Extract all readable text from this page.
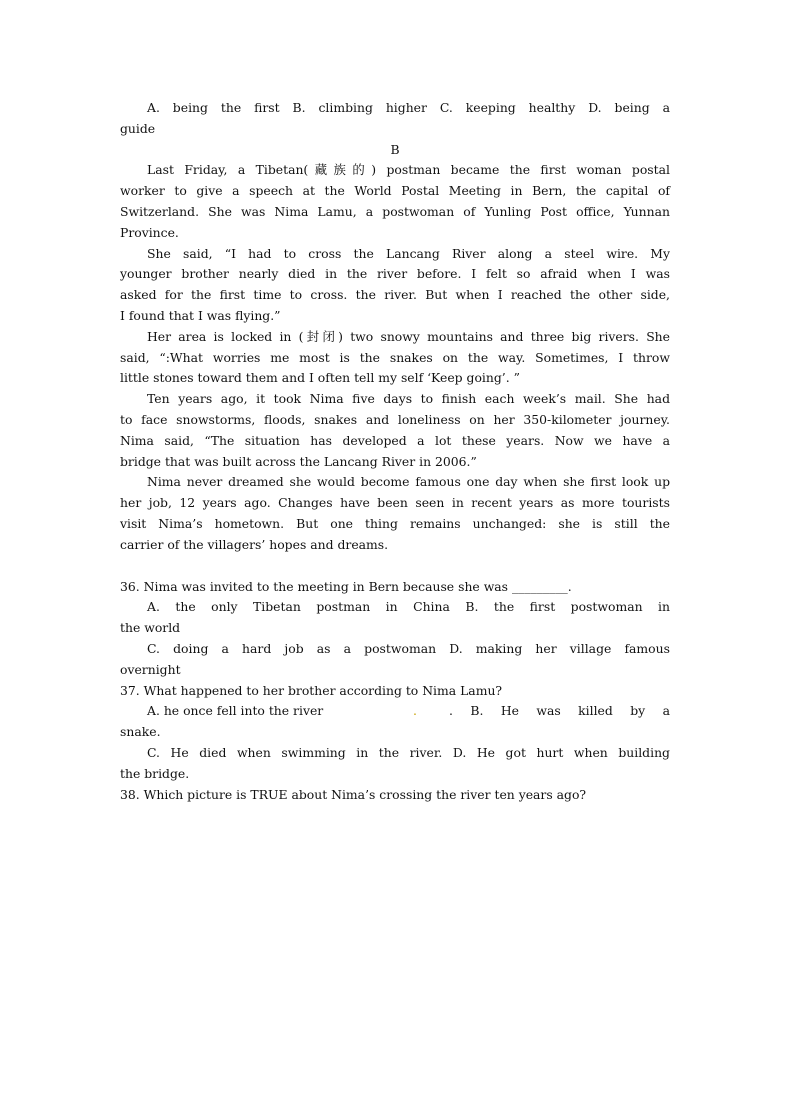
A. being the first B. climbing higher C. keeping healthy D. being a
guide
B
Last Friday, a Tibetan(藏族的) postman became the first woman postal
worker to give a speech at the World Postal Meeting in Bern, the capital of
Switzerland. She was Nima Lamu, a postwoman of Yunling Post office, Yunnan
Province.
She said, “I had to cross the Lancang River along a steel wire. My
younger brother nearly died in the river before. I felt so afraid when I was
asked for the first time to cross. the river. But when I reached the other side,
I found that I was flying.”
Her area is locked in (封闭) two snowy mountains and three big rivers. She
said, “:What worries me most is the snakes on the way. Sometimes, I throw
little stones toward them and I often tell my self ‘Keep going’. ”
Ten years ago, it took Nima five days to finish each week’s mail. She had
to face snowstorms, floods, snakes and loneliness on her 350-kilometer journey.
Nima said, “The situation has developed a lot these years. Now we have a
bridge that was built across the Lancang River in 2006.”
Nima never dreamed she would become famous one day when she first look up
her job, 12 years ago. Changes have been seen in recent years as more tourists
visit Nima’s hometown. But one thing remains unchanged: she is still the
carrier of the villagers’ hopes and dreams.
36. Nima was invited to the meeting in Bern because she was _________.
A. the only Tibetan postman in China B. the first postwoman in
the world
C. doing a hard job as a postwoman D. making her village famous
overnight
37. What happened to her brother according to Nima Lamu?
A. he once fell into the river	.	. B. He was killed by a
snake.
C. He died when swimming in the river. D. He got hurt when building
the bridge.
38. Which picture is TRUE about Nima’s crossing the river ten years ago?
